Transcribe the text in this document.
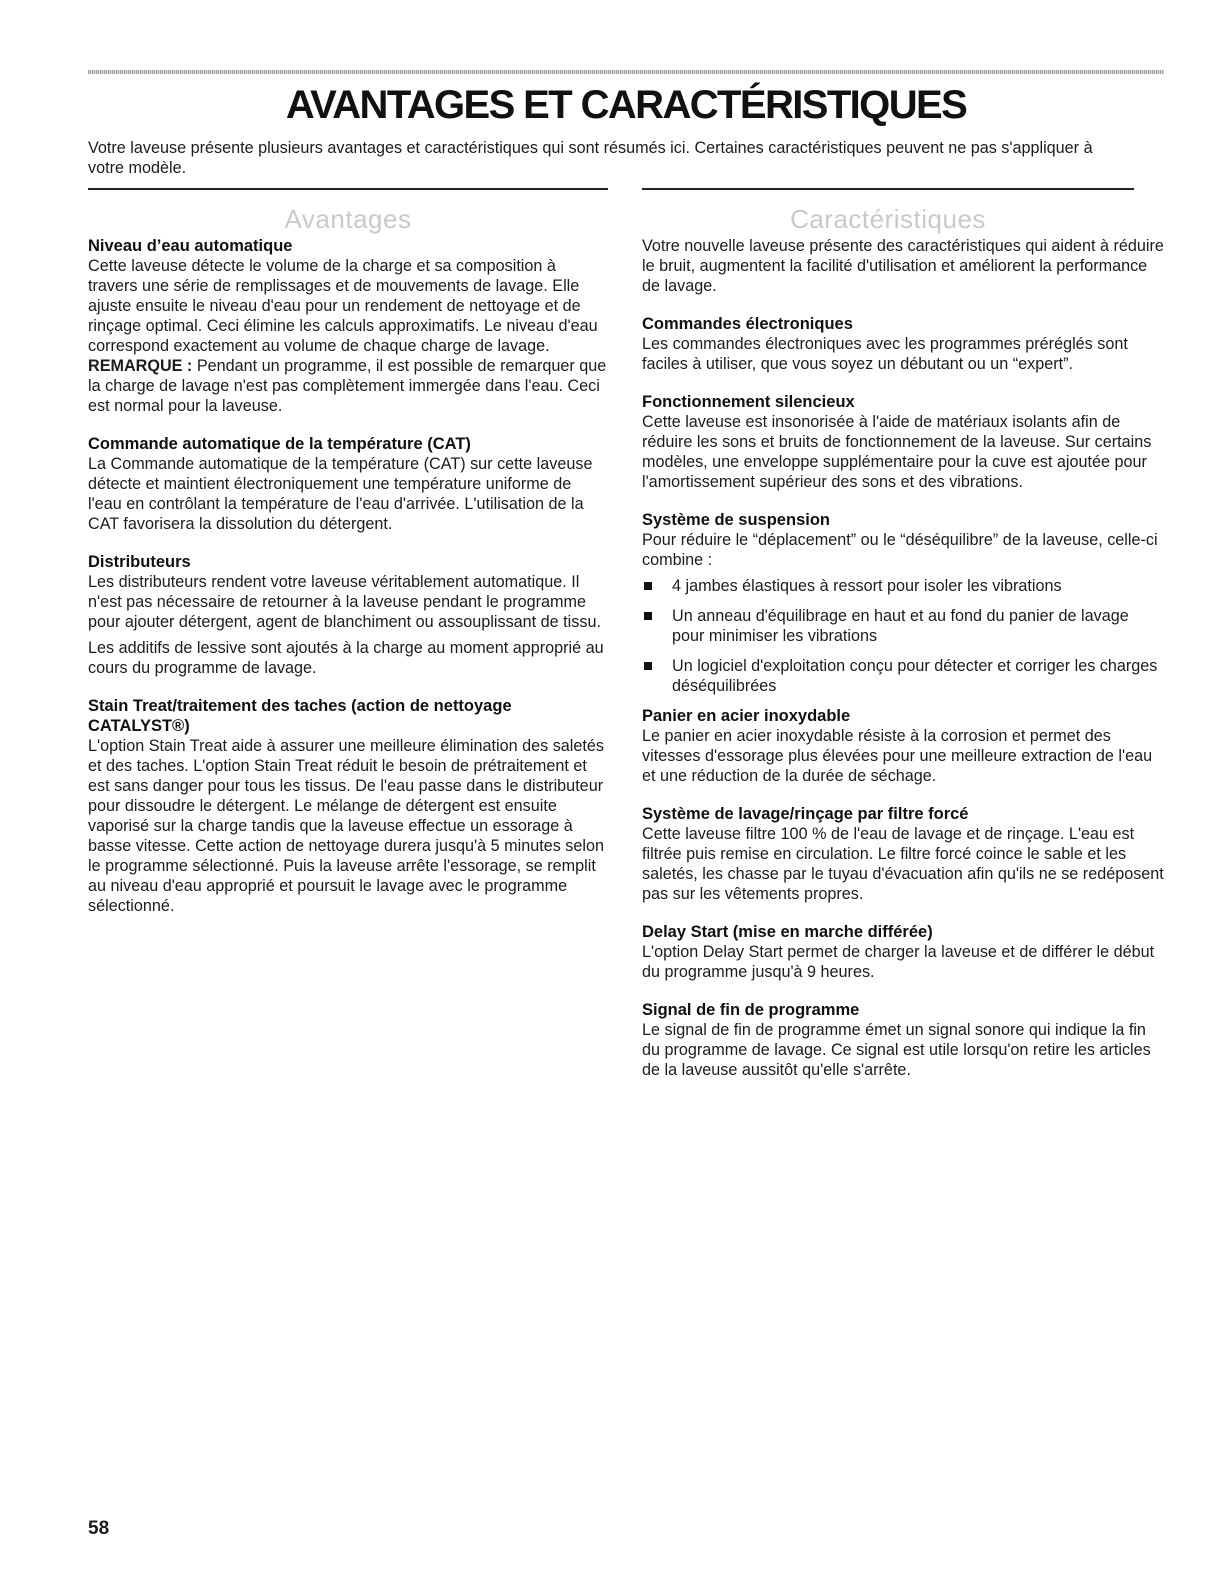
AVANTAGES ET CARACTÉRISTIQUES

Votre laveuse présente plusieurs avantages et caractéristiques qui sont résumés ici. Certaines caractéristiques peuvent ne pas s'appliquer à votre modèle.

Avantages
Niveau d’eau automatique

Cette laveuse détecte le volume de la charge et sa composition à travers une série de remplissages et de mouvements de lavage. Elle ajuste ensuite le niveau d'eau pour un rendement de nettoyage et de rinçage optimal. Ceci élimine les calculs approximatifs. Le niveau d'eau correspond exactement au volume de chaque charge de lavage.

REMARQUE : Pendant un programme, il est possible de remarquer que la charge de lavage n'est pas complètement immergée dans l'eau. Ceci est normal pour la laveuse.

Commande automatique de la température (CAT)

La Commande automatique de la température (CAT) sur cette laveuse détecte et maintient électroniquement une température uniforme de l'eau en contrôlant la température de l'eau d'arrivée. L'utilisation de la CAT favorisera la dissolution du détergent.

Distributeurs

Les distributeurs rendent votre laveuse véritablement automatique. Il n'est pas nécessaire de retourner à la laveuse pendant le programme pour ajouter détergent, agent de blanchiment ou assouplissant de tissu.

Les additifs de lessive sont ajoutés à la charge au moment approprié au cours du programme de lavage.

Stain Treat/traitement des taches (action de nettoyage CATALYST®)

L'option Stain Treat aide à assurer une meilleure élimination des saletés et des taches. L'option Stain Treat réduit le besoin de prétraitement et est sans danger pour tous les tissus. De l'eau passe dans le distributeur pour dissoudre le détergent. Le mélange de détergent est ensuite vaporisé sur la charge tandis que la laveuse effectue un essorage à basse vitesse. Cette action de nettoyage durera jusqu'à 5 minutes selon le programme sélectionné. Puis la laveuse arrête l'essorage, se remplit au niveau d'eau approprié et poursuit le lavage avec le programme sélectionné.

Caractéristiques

Votre nouvelle laveuse présente des caractéristiques qui aident à réduire le bruit, augmentent la facilité d'utilisation et améliorent la performance de lavage.

Commandes électroniques

Les commandes électroniques avec les programmes préréglés sont faciles à utiliser, que vous soyez un débutant ou un “expert”.

Fonctionnement silencieux

Cette laveuse est insonorisée à l'aide de matériaux isolants afin de réduire les sons et bruits de fonctionnement de la laveuse. Sur certains modèles, une enveloppe supplémentaire pour la cuve est ajoutée pour l'amortissement supérieur des sons et des vibrations.

Système de suspension

Pour réduire le “déplacement” ou le “déséquilibre” de la laveuse, celle-ci combine :

4 jambes élastiques à ressort pour isoler les vibrations
Un anneau d'équilibrage en haut et au fond du panier de lavage pour minimiser les vibrations
Un logiciel d'exploitation conçu pour détecter et corriger les charges déséquilibrées
Panier en acier inoxydable

Le panier en acier inoxydable résiste à la corrosion et permet des vitesses d'essorage plus élevées pour une meilleure extraction de l'eau et une réduction de la durée de séchage.

Système de lavage/rinçage par filtre forcé

Cette laveuse filtre 100 % de l'eau de lavage et de rinçage. L'eau est filtrée puis remise en circulation. Le filtre forcé coince le sable et les saletés, les chasse par le tuyau d'évacuation afin qu'ils ne se redéposent pas sur les vêtements propres.

Delay Start (mise en marche différée)

L'option Delay Start permet de charger la laveuse et de différer le début du programme jusqu'à 9 heures.

Signal de fin de programme

Le signal de fin de programme émet un signal sonore qui indique la fin du programme de lavage. Ce signal est utile lorsqu'on retire les articles de la laveuse aussitôt qu'elle s'arrête.

58
